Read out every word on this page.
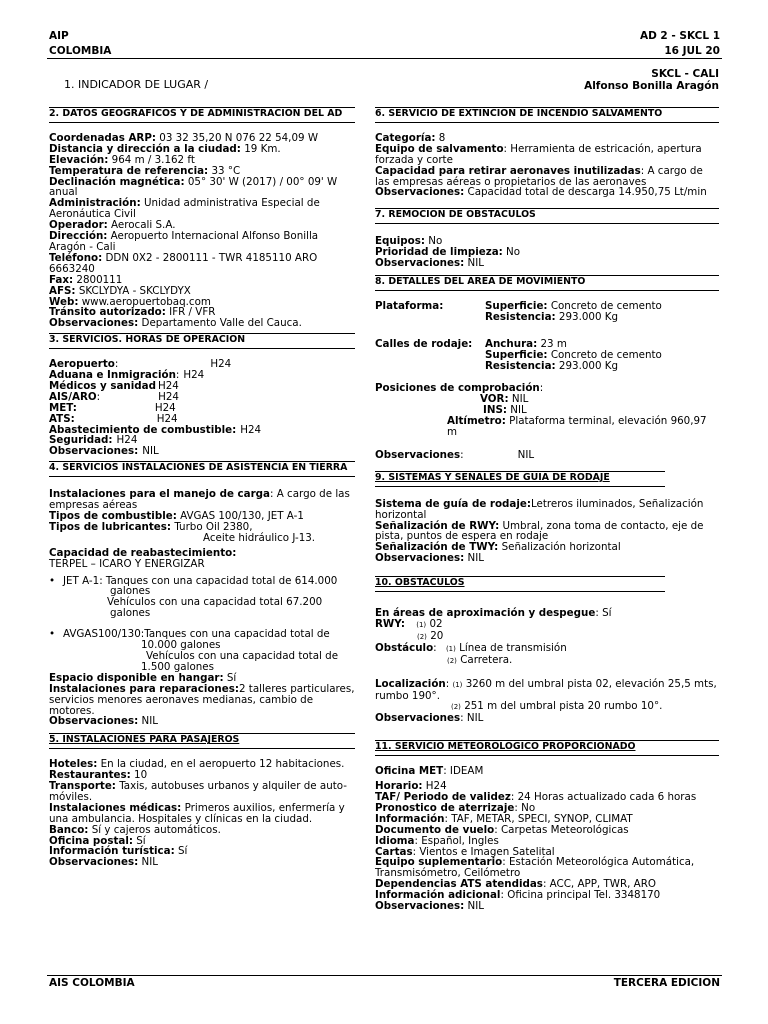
AIP
COLOMBIA
AD 2 - SKCL 1
16 JUL 20
1. INDICADOR DE LUGAR /
SKCL - CALI
Alfonso Bonilla Aragón
2. DATOS GEOGRAFICOS Y DE ADMINISTRACION DEL AD

Coordenadas ARP: 03 32 35,20 N 076 22 54,09 W

Distancia y dirección a la ciudad: 19 Km.

Elevación: 964 m / 3.162 ft

Temperatura de referencia: 33 °C

Declinación magnética: 05° 30' W (2017) / 00° 09' W anual

Administración: Unidad administrativa Especial de Aeronáutica Civil

Operador: Aerocali S.A.

Dirección: Aeropuerto Internacional Alfonso Bonilla Aragón - Cali

Teléfono: DDN 0X2 - 2800111 - TWR 4185110 ARO 6663240

Fax: 2800111

AFS: SKCLYDYA - SKCLYDYX

Web: www.aeropuertobaq.com

Tránsito autorizado: IFR / VFR

Observaciones: Departamento Valle del Cauca.

3. SERVICIOS. HORAS DE OPERACION

Aeropuerto:	H24

Aduana e Inmigración: H24

Médicos y sanidad H24

AIS/ARO:	H24

MET:	H24

ATS:	H24

Abastecimiento de combustible: H24

Seguridad: H24

Observaciones: NIL

4. SERVICIOS INSTALACIONES DE ASISTENCIA EN TIERRA

Instalaciones para el manejo de carga: A cargo de las empresas aéreas

Tipos de combustible: AVGAS 100/130, JET A-1

Tipos de lubricantes: Turbo Oil 2380,

Aceite hidráulico J-13.

Capacidad de reabastecimiento:

TERPEL – ICARO Y ENERGIZAR

• JET A-1: Tanques con una capacidad total de 614.000

galones

Vehículos con una capacidad total 67.200

galones

• AVGAS100/130:Tanques con una capacidad total de

10.000 galones

Vehículos con una capacidad total de

1.500 galones

Espacio disponible en hangar: Sí

Instalaciones para reparaciones:2 talleres particulares, servicios menores aeronaves medianas, cambio de motores.

Observaciones: NIL

5. INSTALACIONES PARA PASAJEROS

Hoteles: En la ciudad, en el aeropuerto 12 habitaciones.

Restaurantes: 10

Transporte: Taxis, autobuses urbanos y alquiler de auto-móviles.

Instalaciones médicas: Primeros auxilios, enfermería y una ambulancia. Hospitales y clínicas en la ciudad.

Banco: Sí y cajeros automáticos.

Oficina postal: Sí

Información turística: Sí

Observaciones: NIL

6. SERVICIO DE EXTINCION DE INCENDIO SALVAMENTO

Categoría: 8

Equipo de salvamento: Herramienta de estricación, apertura forzada y corte

Capacidad para retirar aeronaves inutilizadas: A cargo de las empresas aéreas o propietarios de las aeronaves

Observaciones: Capacidad total de descarga 14.950,75 Lt/min

7. REMOCION DE OBSTACULOS

Equipos: No

Prioridad de limpieza: No

Observaciones: NIL

8. DETALLES DEL AREA DE MOVIMIENTO
Plataforma:	Superficie: Concreto de cemento

Resistencia: 293.000 Kg

Calles de rodaje:	Anchura: 23 m

Superficie: Concreto de cemento

Resistencia: 293.000 Kg

Posiciones de comprobación:

VOR: NIL

INS: NIL

Altímetro: Plataforma terminal, elevación 960,97 m

Observaciones:	NIL

9. SISTEMAS Y SEÑALES DE GUIA DE RODAJE

Sistema de guía de rodaje:Letreros iluminados, Señalización horizontal

Señalización de RWY: Umbral, zona toma de contacto, eje de pista, puntos de espera en rodaje

Señalización de TWY: Señalización horizontal

Observaciones: NIL

10. OBSTACULOS

En áreas de aproximación y despegue: Sí

RWY: (1) 02

(2) 20

Obstáculo: (1) Línea de transmisión

(2) Carretera.

Localización: (1) 3260 m del umbral pista 02, elevación 25,5 mts, rumbo 190°.

(2) 251 m del umbral pista 20 rumbo 10°.

Observaciones: NIL

11. SERVICIO METEOROLOGICO PROPORCIONADO

Oficina MET: IDEAM

Horario: H24

TAF/ Periodo de validez: 24 Horas actualizado cada 6 horas

Pronostico de aterrizaje: No

Información: TAF, METAR, SPECI, SYNOP, CLIMAT

Documento de vuelo: Carpetas Meteorológicas

Idioma: Español, Ingles

Cartas: Vientos e Imagen Satelital

Equipo suplementario: Estación Meteorológica Automática, Transmisómetro, Ceilómetro

Dependencias ATS atendidas: ACC, APP, TWR, ARO

Información adicional: Oficina principal Tel. 3348170

Observaciones: NIL

AIS COLOMBIA	TERCERA EDICION
